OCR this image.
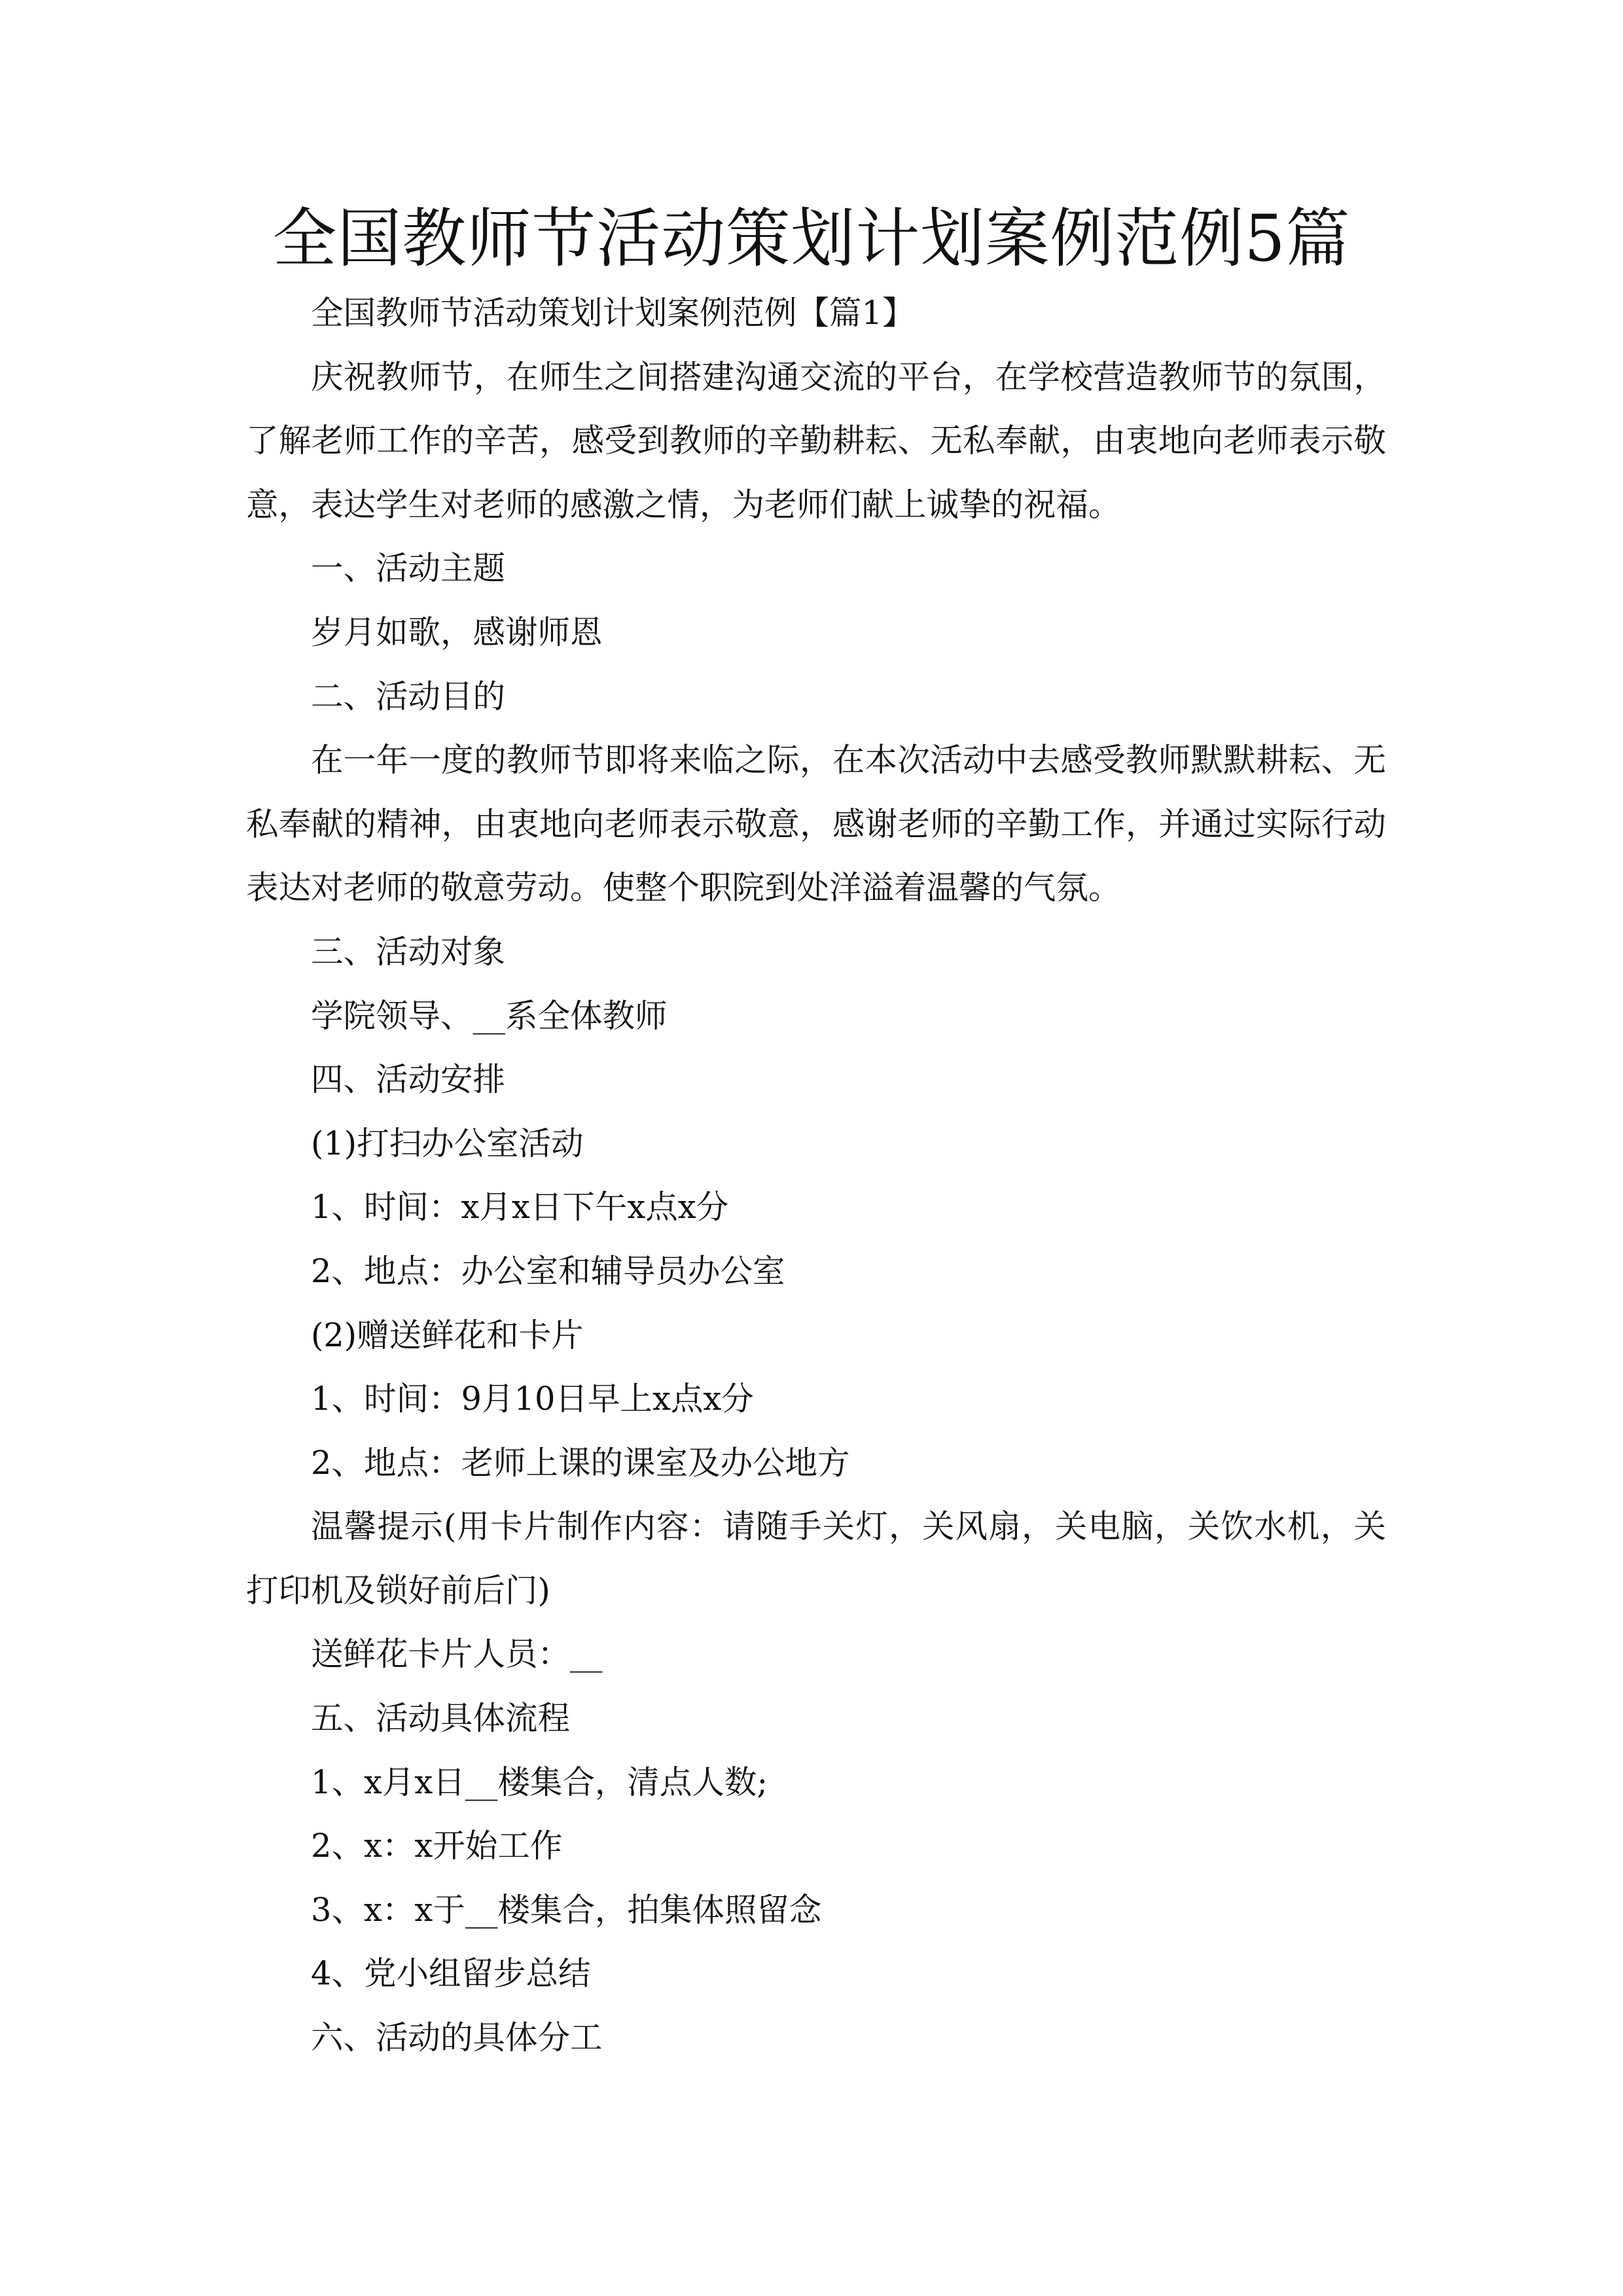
全国教师节活动策划计划案例范例5篇

全国教师节活动策划计划案例范例【篇1】

庆祝教师节，在师生之间搭建沟通交流的平台，在学校营造教师节的氛围，了解老师工作的辛苦，感受到教师的辛勤耕耘、无私奉献，由衷地向老师表示敬意，表达学生对老师的感激之情，为老师们献上诚挚的祝福。

一、活动主题

岁月如歌，感谢师恩

二、活动目的

在一年一度的教师节即将来临之际，在本次活动中去感受教师默默耕耘、无私奉献的精神，由衷地向老师表示敬意，感谢老师的辛勤工作，并通过实际行动表达对老师的敬意劳动。使整个职院到处洋溢着温馨的气氛。

三、活动对象

学院领导、__系全体教师

四、活动安排

(1)打扫办公室活动

1、时间：x月x日下午x点x分

2、地点：办公室和辅导员办公室

(2)赠送鲜花和卡片

1、时间：9月10日早上x点x分

2、地点：老师上课的课室及办公地方

温馨提示(用卡片制作内容：请随手关灯，关风扇，关电脑，关饮水机，关打印机及锁好前后门)

送鲜花卡片人员：__

五、活动具体流程

1、x月x日__楼集合，清点人数;

2、x：x开始工作

3、x：x于__楼集合，拍集体照留念

4、党小组留步总结

六、活动的具体分工
